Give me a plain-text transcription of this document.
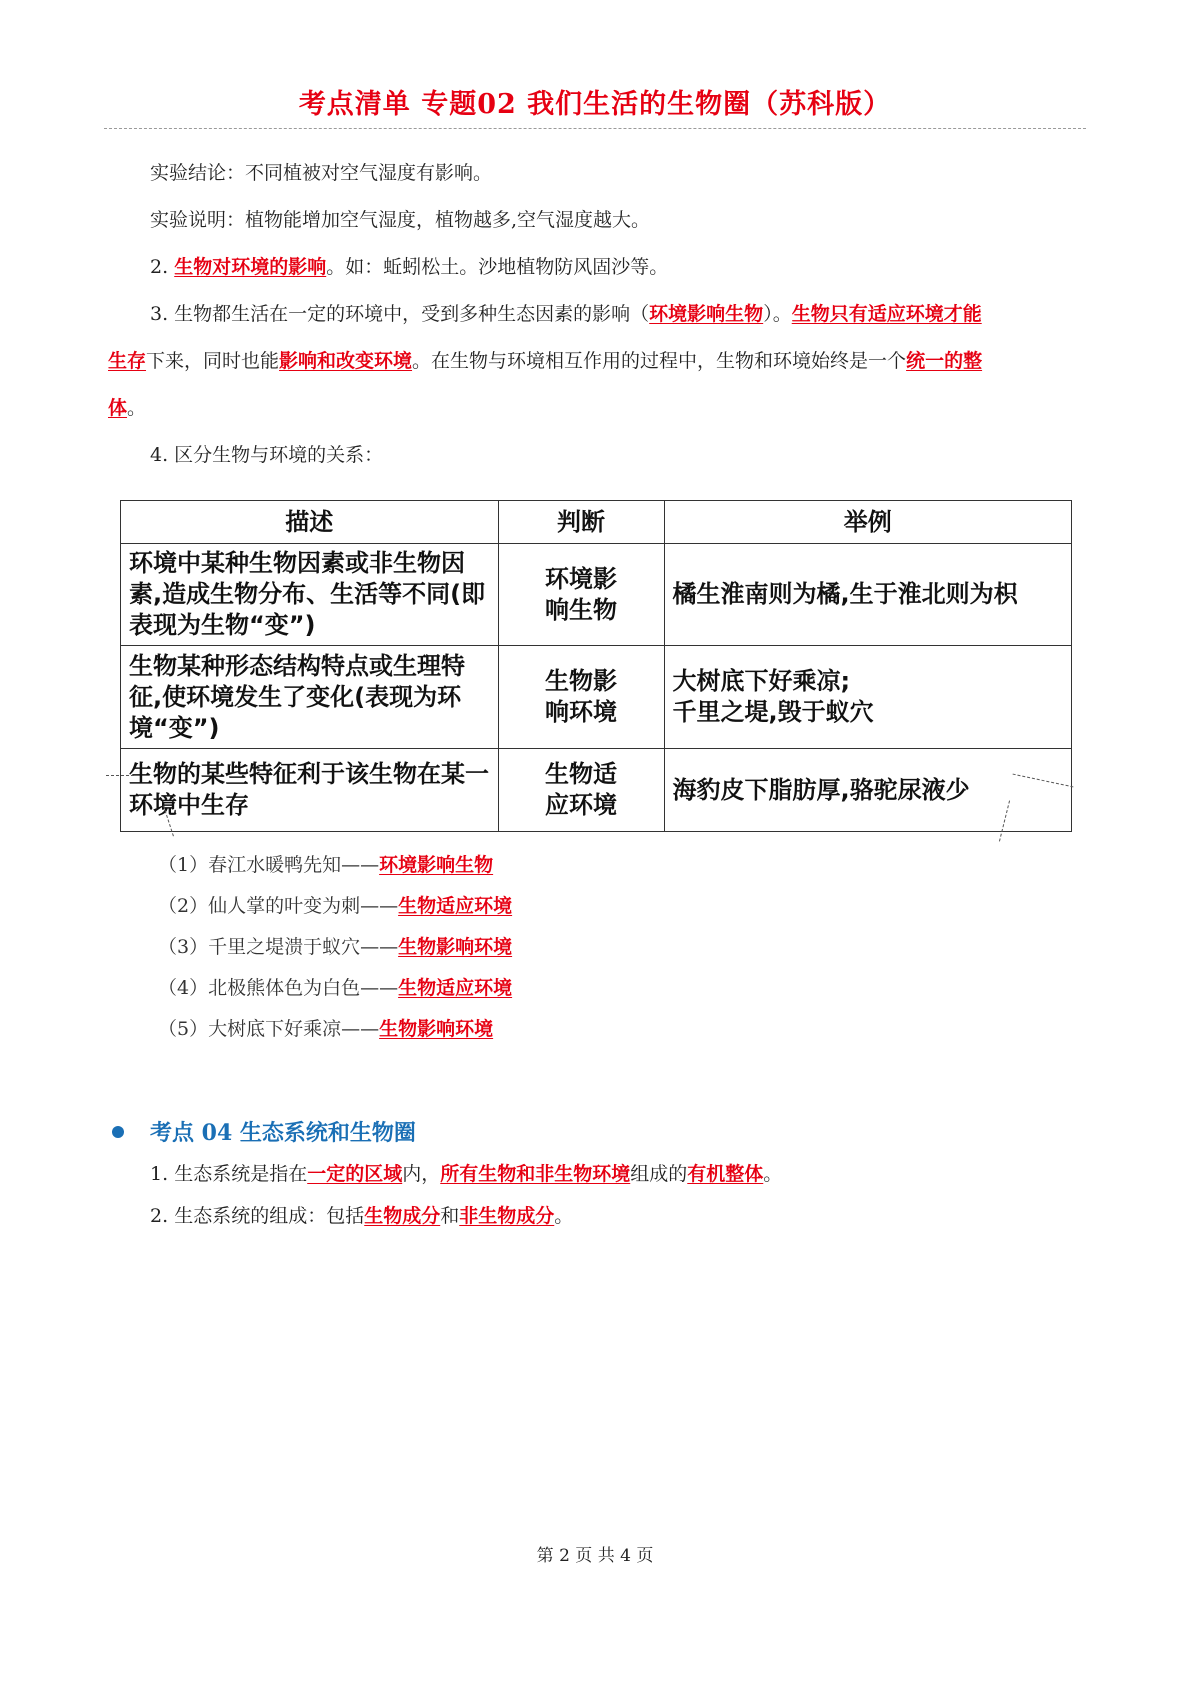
考点清单 专题02 我们生活的生物圈（苏科版）
实验结论：不同植被对空气湿度有影响。
实验说明：植物能增加空气湿度，植物越多,空气湿度越大。
2. 生物对环境的影响。如：蚯蚓松土。沙地植物防风固沙等。
3. 生物都生活在一定的环境中，受到多种生态因素的影响（环境影响生物）。生物只有适应环境才能
生存下来，同时也能影响和改变环境。在生物与环境相互作用的过程中，生物和环境始终是一个统一的整
体。
4. 区分生物与环境的关系：
描述	判断	举例
环境中某种生物因素或非生物因素,造成生物分布、生活等不同(即表现为生物“变”)	环境影响生物	橘生淮南则为橘,生于淮北则为枳
生物某种形态结构特点或生理特征,使环境发生了变化(表现为环境“变”)	生物影响环境	大树底下好乘凉;
千里之堤,毁于蚁穴
生物的某些特征利于该生物在某一环境中生存	生物适应环境	海豹皮下脂肪厚,骆驼尿液少
（1）春江水暖鸭先知——环境影响生物
（2）仙人掌的叶变为刺——生物适应环境
（3）千里之堤溃于蚁穴——生物影响环境
（4）北极熊体色为白色——生物适应环境
（5）大树底下好乘凉——生物影响环境
考点 04 生态系统和生物圈
1. 生态系统是指在一定的区域内，所有生物和非生物环境组成的有机整体。
2. 生态系统的组成：包括生物成分和非生物成分。
第 2 页 共 4 页
